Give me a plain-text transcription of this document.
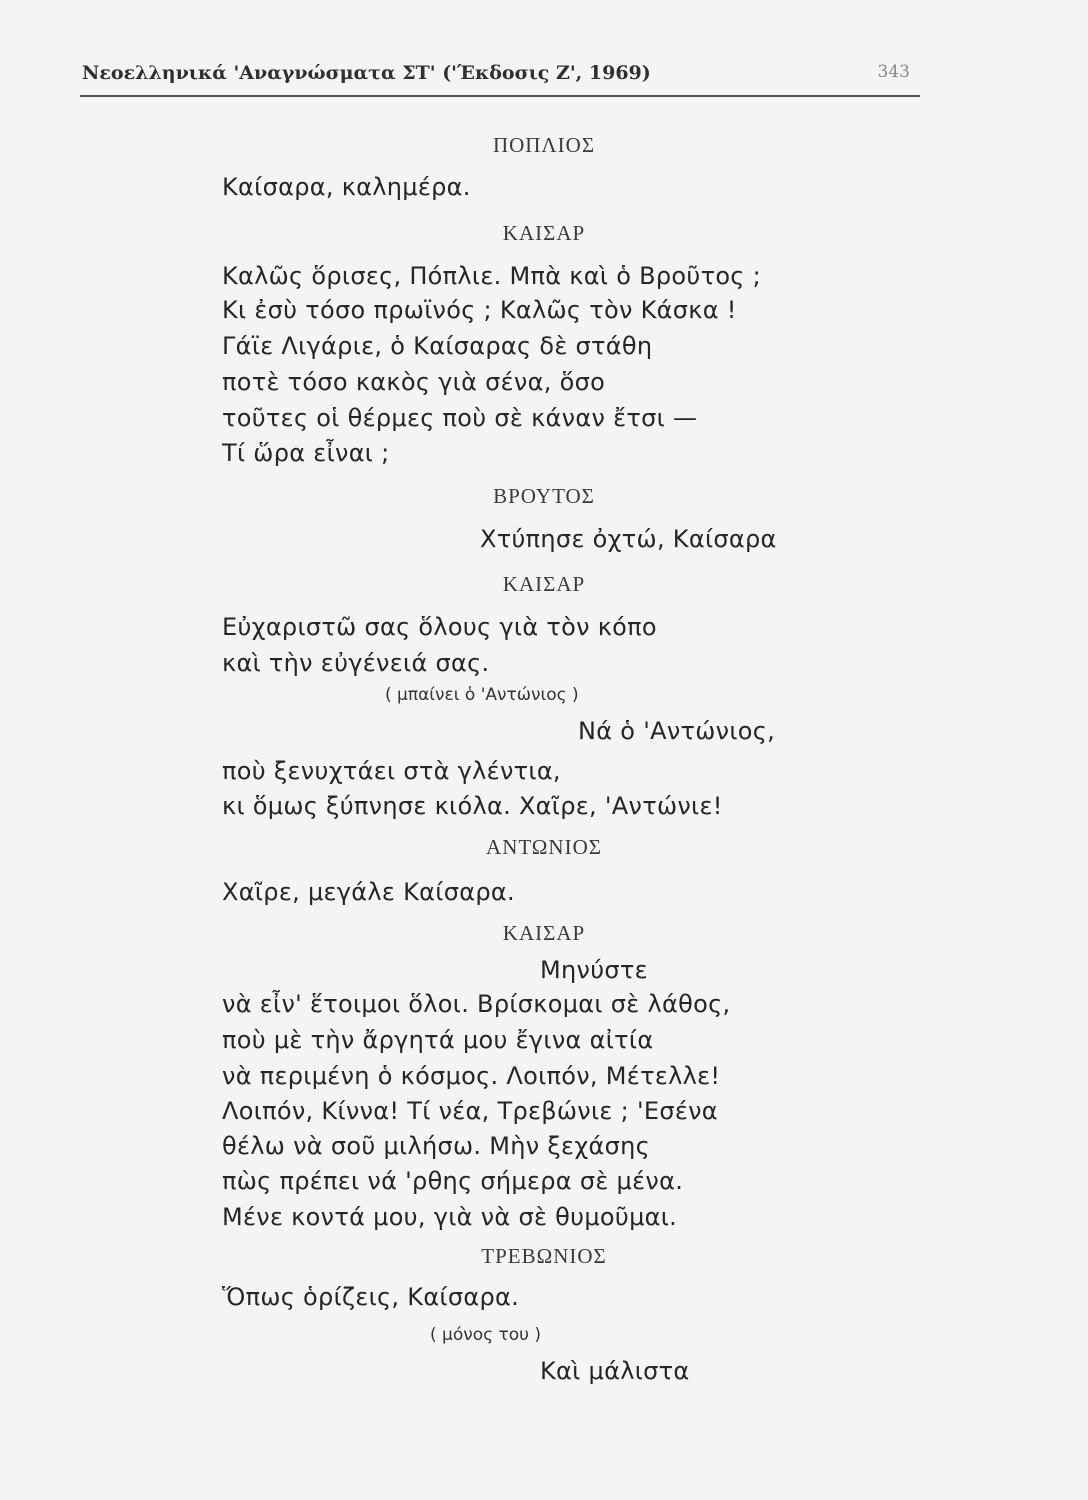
Νεοελληνικά 'Αναγνώσματα ΣΤ' ('Έκδοσις Ζ', 1969)	343
ΠΟΠΛΙΟΣ
Καίσαρα, καλημέρα.
ΚΑΙΣΑΡ
Καλῶς ὅρισες, Πόπλιε. Μπὰ καὶ ὁ Βροῦτος ;
Κι ἐσὺ τόσο πρωϊνός ; Καλῶς τὸν Κάσκα !
Γάϊε Λιγάριε, ὁ Καίσαρας δὲ στάθη
ποτὲ τόσο κακὸς γιὰ σένα, ὅσο
τοῦτες οἱ θέρμες ποὺ σὲ κάναν ἔτσι —
Τί ὥρα εἶναι ;
ΒΡΟΥΤΟΣ
Χτύπησε ὀχτώ, Καίσαρα
ΚΑΙΣΑΡ
Εὐχαριστῶ σας ὅλους γιὰ τὸν κόπο
καὶ τὴν εὐγένειά σας.
( μπαίνει ὁ 'Αντώνιος )
Νά ὁ 'Αντώνιος,
ποὺ ξενυχτάει στὰ γλέντια,
κι ὅμως ξύπνησε κιόλα. Χαῖρε, 'Αντώνιε!
ΑΝΤΩΝΙΟΣ
Χαῖρε, μεγάλε Καίσαρα.
ΚΑΙΣΑΡ
Μηνύστε
νὰ εἶν' ἕτοιμοι ὅλοι. Βρίσκομαι σὲ λάθος,
ποὺ μὲ τὴν ἄργητά μου ἔγινα αἰτία
νὰ περιμένη ὁ κόσμος. Λοιπόν, Μέτελλε!
Λοιπόν, Κίννα! Τί νέα, Τρεβώνιε ; 'Εσένα
θέλω νὰ σοῦ μιλήσω. Μὴν ξεχάσης
πὼς πρέπει νά 'ρθης σήμερα σὲ μένα.
Μένε κοντά μου, γιὰ νὰ σὲ θυμοῦμαι.
ΤΡΕΒΩΝΙΟΣ
Ὅπως ὁρίζεις, Καίσαρα.
( μόνος του )
Καὶ μάλιστα
